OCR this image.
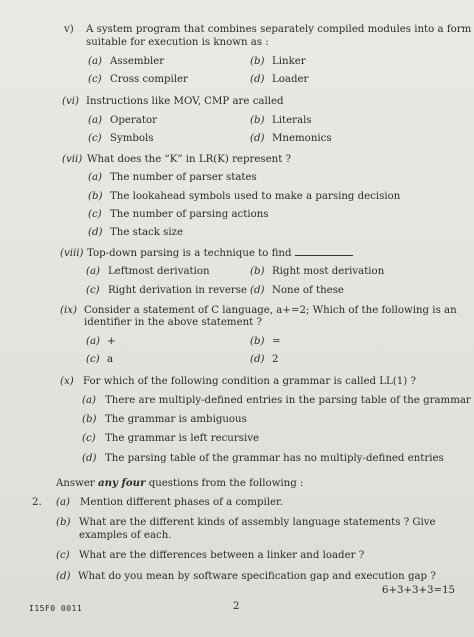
v) A system program that combines separately compiled modules into a form
suitable for execution is known as :
(a) Assembler	(b) Linker
(c) Cross compiler	(d) Loader
(vi) Instructions like MOV, CMP are called
(a) Operator	(b) Literals
(c) Symbols	(d) Mnemonics
(vii) What does the “K” in LR(K) represent ?
(a) The number of parser states
(b) The lookahead symbols used to make a parsing decision
(c) The number of parsing actions
(d) The stack size
(viii) Top-down parsing is a technique to find
(a) Leftmost derivation	(b) Right most derivation
(c) Right derivation in reverse (d) None of these
(ix) Consider a statement of C language, a+=2; Which of the following is an
identifier in the above statement ?
(a) +	(b) =
(c) a	(d) 2
(x) For which of the following condition a grammar is called LL(1) ?
(a) There are multiply-defined entries in the parsing table of the grammar
(b) The grammar is ambiguous
(c) The grammar is left recursive
(d) The parsing table of the grammar has no multiply-defined entries
Answer any four questions from the following :
2. (a) Mention different phases of a compiler.
(b) What are the different kinds of assembly language statements ? Give
examples of each.
(c) What are the differences between a linker and loader ?
(d) What do you mean by software specification gap and execution gap ?
6+3+3+3=15
I15F0 0011	2
